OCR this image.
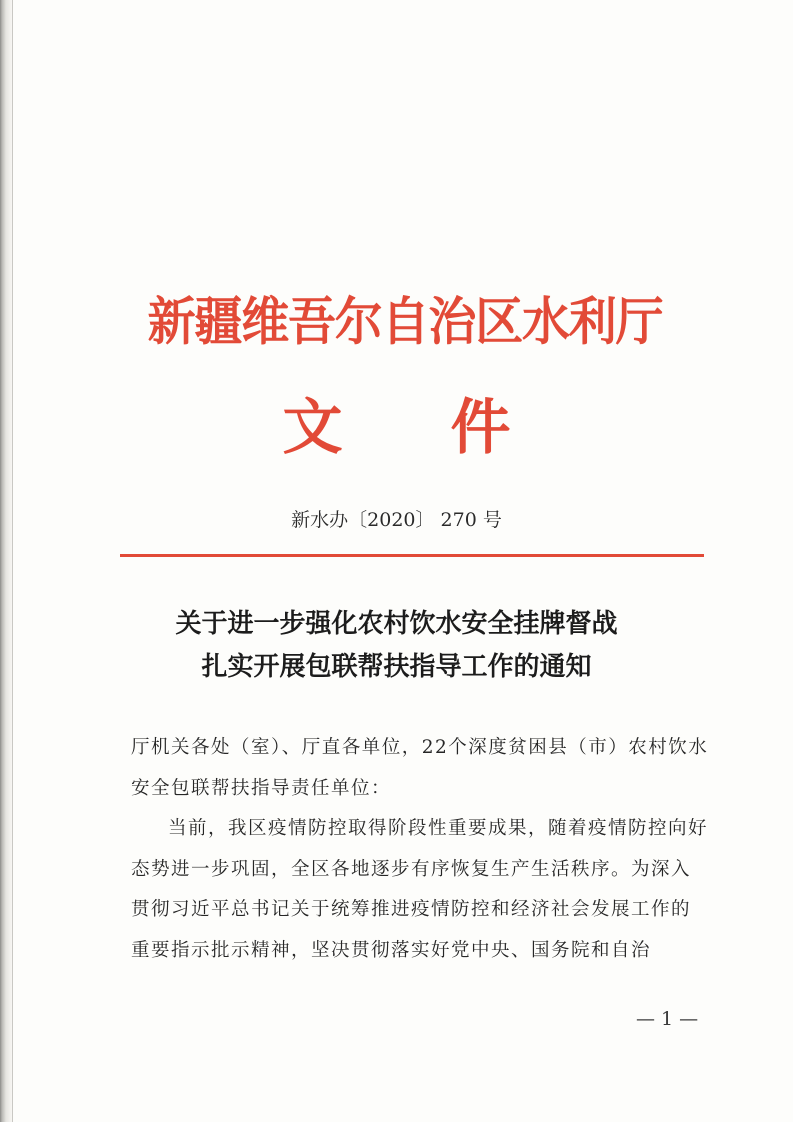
新疆维吾尔自治区水利厅
文 件
新水办〔2020〕 270 号
关于进一步强化农村饮水安全挂牌督战
扎实开展包联帮扶指导工作的通知

厅机关各处（室）、厅直各单位，22个深度贫困县（市）农村饮水安全包联帮扶指导责任单位：

当前，我区疫情防控取得阶段性重要成果，随着疫情防控向好态势进一步巩固，全区各地逐步有序恢复生产生活秩序。为深入贯彻习近平总书记关于统筹推进疫情防控和经济社会发展工作的重要指示批示精神，坚决贯彻落实好党中央、国务院和自治

— 1 —
